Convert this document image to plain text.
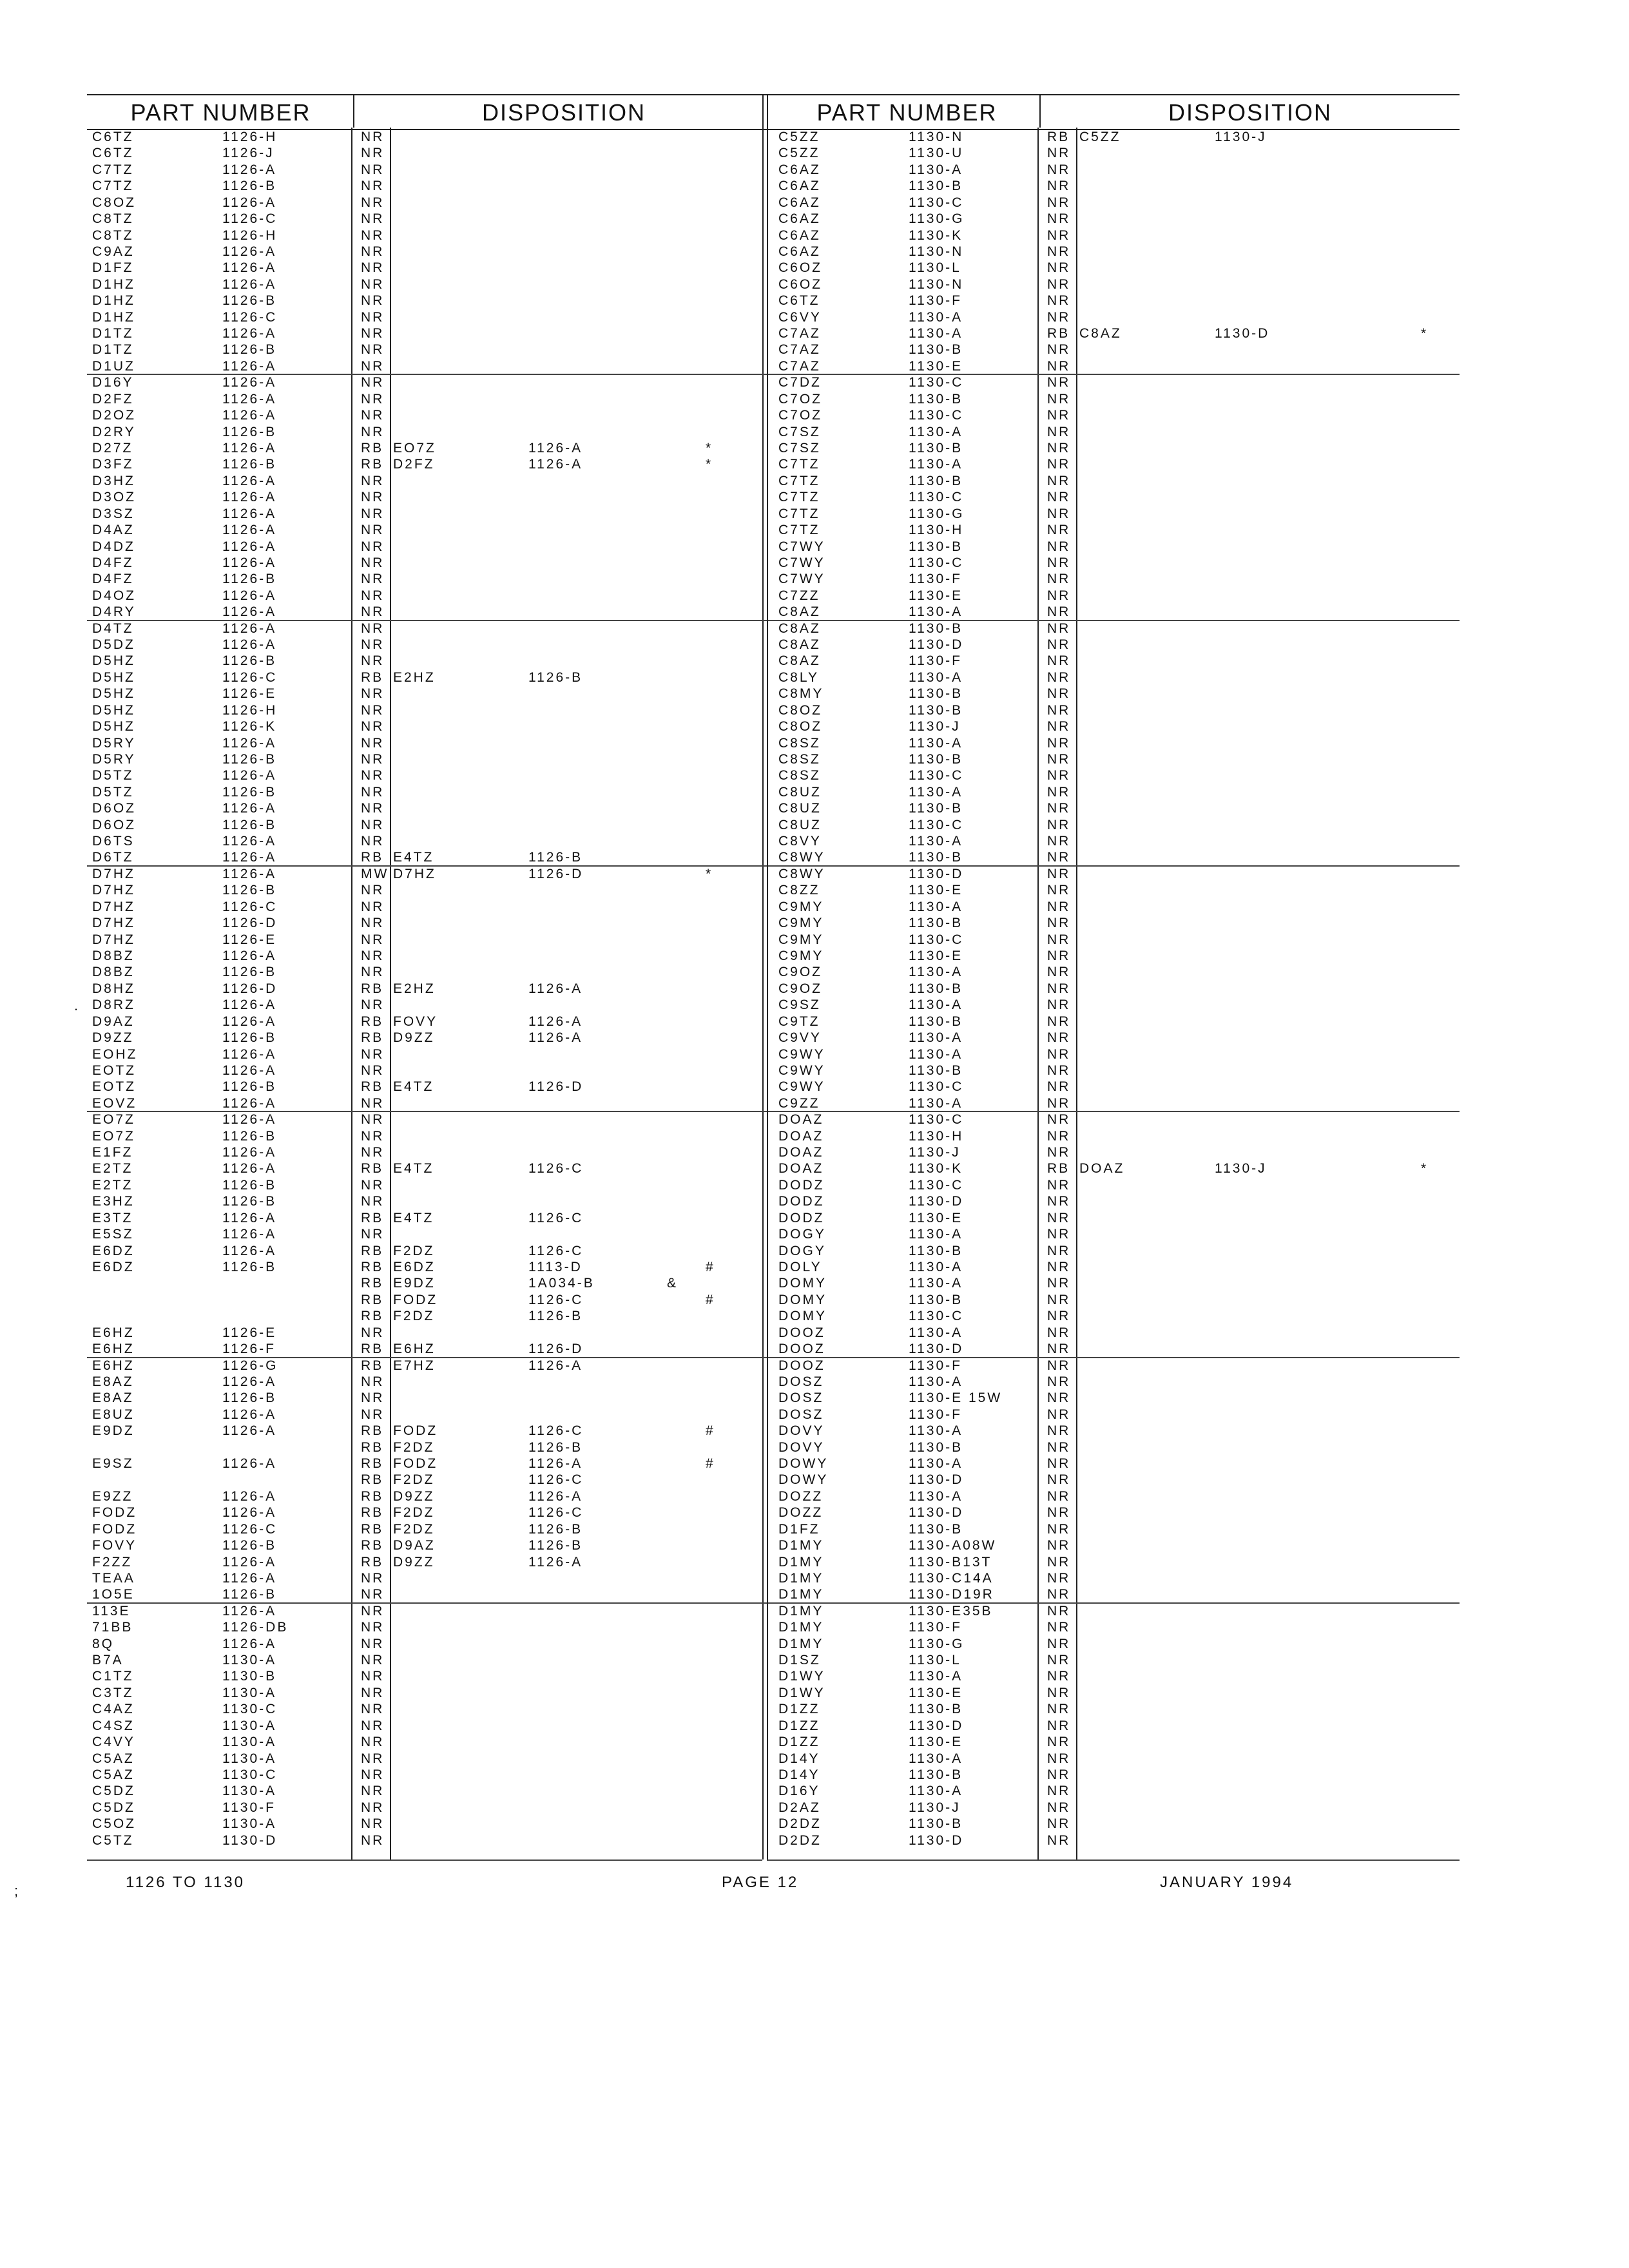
PART NUMBER	DISPOSITION
C6TZ	1126-H	NR
C6TZ	1126-J	NR
C7TZ	1126-A	NR
C7TZ	1126-B	NR
C8OZ	1126-A	NR
C8TZ	1126-C	NR
C8TZ	1126-H	NR
C9AZ	1126-A	NR
D1FZ	1126-A	NR
D1HZ	1126-A	NR
D1HZ	1126-B	NR
D1HZ	1126-C	NR
D1TZ	1126-A	NR
D1TZ	1126-B	NR
D1UZ	1126-A	NR
D16Y	1126-A	NR
D2FZ	1126-A	NR
D2OZ	1126-A	NR
D2RY	1126-B	NR
D27Z	1126-A	RB EO7Z	1126-A	*
D3FZ	1126-B	RB D2FZ	1126-A	*
D3HZ	1126-A	NR
D3OZ	1126-A	NR
D3SZ	1126-A	NR
D4AZ	1126-A	NR
D4DZ	1126-A	NR
D4FZ	1126-A	NR
D4FZ	1126-B	NR
D4OZ	1126-A	NR
D4RY	1126-A	NR
D4TZ	1126-A	NR
D5DZ	1126-A	NR
D5HZ	1126-B	NR
D5HZ	1126-C	RB E2HZ	1126-B
D5HZ	1126-E	NR
D5HZ	1126-H	NR
D5HZ	1126-K	NR
D5RY	1126-A	NR
D5RY	1126-B	NR
D5TZ	1126-A	NR
D5TZ	1126-B	NR
D6OZ	1126-A	NR
D6OZ	1126-B	NR
D6TS	1126-A	NR
D6TZ	1126-A	RB E4TZ	1126-B
D7HZ	1126-A	MW D7HZ	1126-D	*
D7HZ	1126-B	NR
D7HZ	1126-C	NR
D7HZ	1126-D	NR
D7HZ	1126-E	NR
D8BZ	1126-A	NR
D8BZ	1126-B	NR
D8HZ	1126-D	RB E2HZ	1126-A
D8RZ	1126-A	NR
D9AZ	1126-A	RB FOVY	1126-A
D9ZZ	1126-B	RB D9ZZ	1126-A
EOHZ	1126-A	NR
EOTZ	1126-A	NR
EOTZ	1126-B	RB E4TZ	1126-D
EOVZ	1126-A	NR
EO7Z	1126-A	NR
EO7Z	1126-B	NR
E1FZ	1126-A	NR
E2TZ	1126-A	RB E4TZ	1126-C
E2TZ	1126-B	NR
E3HZ	1126-B	NR
E3TZ	1126-A	RB E4TZ	1126-C
E5SZ	1126-A	NR
E6DZ	1126-A	RB F2DZ	1126-C
E6DZ	1126-B	RB E6DZ	1113-D	#
RB E9DZ	1A034-B	&
RB FODZ	1126-C	#
RB F2DZ	1126-B
E6HZ	1126-E	NR
E6HZ	1126-F	RB E6HZ	1126-D
E6HZ	1126-G	RB E7HZ	1126-A
E8AZ	1126-A	NR
E8AZ	1126-B	NR
E8UZ	1126-A	NR
E9DZ	1126-A	RB FODZ	1126-C	#
RB F2DZ	1126-B
E9SZ	1126-A	RB FODZ	1126-A	#
RB F2DZ	1126-C
E9ZZ	1126-A	RB D9ZZ	1126-A
FODZ	1126-A	RB F2DZ	1126-C
FODZ	1126-C	RB F2DZ	1126-B
FOVY	1126-B	RB D9AZ	1126-B
F2ZZ	1126-A	RB D9ZZ	1126-A
TEAA	1126-A	NR
1O5E	1126-B	NR
113E	1126-A	NR
71BB	1126-DB	NR
8Q	1126-A	NR
B7A	1130-A	NR
C1TZ	1130-B	NR
C3TZ	1130-A	NR
C4AZ	1130-C	NR
C4SZ	1130-A	NR
C4VY	1130-A	NR
C5AZ	1130-A	NR
C5AZ	1130-C	NR
C5DZ	1130-A	NR
C5DZ	1130-F	NR
C5OZ	1130-A	NR
C5TZ	1130-D	NR
PART NUMBER	DISPOSITION
C5ZZ	1130-N	RB C5ZZ	1130-J
C5ZZ	1130-U	NR
C6AZ	1130-A	NR
C6AZ	1130-B	NR
C6AZ	1130-C	NR
C6AZ	1130-G	NR
C6AZ	1130-K	NR
C6AZ	1130-N	NR
C6OZ	1130-L	NR
C6OZ	1130-N	NR
C6TZ	1130-F	NR
C6VY	1130-A	NR
C7AZ	1130-A	RB C8AZ	1130-D	*
C7AZ	1130-B	NR
C7AZ	1130-E	NR
C7DZ	1130-C	NR
C7OZ	1130-B	NR
C7OZ	1130-C	NR
C7SZ	1130-A	NR
C7SZ	1130-B	NR
C7TZ	1130-A	NR
C7TZ	1130-B	NR
C7TZ	1130-C	NR
C7TZ	1130-G	NR
C7TZ	1130-H	NR
C7WY	1130-B	NR
C7WY	1130-C	NR
C7WY	1130-F	NR
C7ZZ	1130-E	NR
C8AZ	1130-A	NR
C8AZ	1130-B	NR
C8AZ	1130-D	NR
C8AZ	1130-F	NR
C8LY	1130-A	NR
C8MY	1130-B	NR
C8OZ	1130-B	NR
C8OZ	1130-J	NR
C8SZ	1130-A	NR
C8SZ	1130-B	NR
C8SZ	1130-C	NR
C8UZ	1130-A	NR
C8UZ	1130-B	NR
C8UZ	1130-C	NR
C8VY	1130-A	NR
C8WY	1130-B	NR
C8WY	1130-D	NR
C8ZZ	1130-E	NR
C9MY	1130-A	NR
C9MY	1130-B	NR
C9MY	1130-C	NR
C9MY	1130-E	NR
C9OZ	1130-A	NR
C9OZ	1130-B	NR
C9SZ	1130-A	NR
C9TZ	1130-B	NR
C9VY	1130-A	NR
C9WY	1130-A	NR
C9WY	1130-B	NR
C9WY	1130-C	NR
C9ZZ	1130-A	NR
DOAZ	1130-C	NR
DOAZ	1130-H	NR
DOAZ	1130-J	NR
DOAZ	1130-K	RB DOAZ	1130-J	*
DODZ	1130-C	NR
DODZ	1130-D	NR
DODZ	1130-E	NR
DOGY	1130-A	NR
DOGY	1130-B	NR
DOLY	1130-A	NR
DOMY	1130-A	NR
DOMY	1130-B	NR
DOMY	1130-C	NR
DOOZ	1130-A	NR
DOOZ	1130-D	NR
DOOZ	1130-F	NR
DOSZ	1130-A	NR
DOSZ	1130-E 15W	NR
DOSZ	1130-F	NR
DOVY	1130-A	NR
DOVY	1130-B	NR
DOWY	1130-A	NR
DOWY	1130-D	NR
DOZZ	1130-A	NR
DOZZ	1130-D	NR
D1FZ	1130-B	NR
D1MY	1130-A08W	NR
D1MY	1130-B13T	NR
D1MY	1130-C14A	NR
D1MY	1130-D19R	NR
D1MY	1130-E35B	NR
D1MY	1130-F	NR
D1MY	1130-G	NR
D1SZ	1130-L	NR
D1WY	1130-A	NR
D1WY	1130-E	NR
D1ZZ	1130-B	NR
D1ZZ	1130-D	NR
D1ZZ	1130-E	NR
D14Y	1130-A	NR
D14Y	1130-B	NR
D16Y	1130-A	NR
D2AZ	1130-J	NR
D2DZ	1130-B	NR
D2DZ	1130-D	NR
1126 TO 1130	PAGE 12	JANUARY 1994
.
;
